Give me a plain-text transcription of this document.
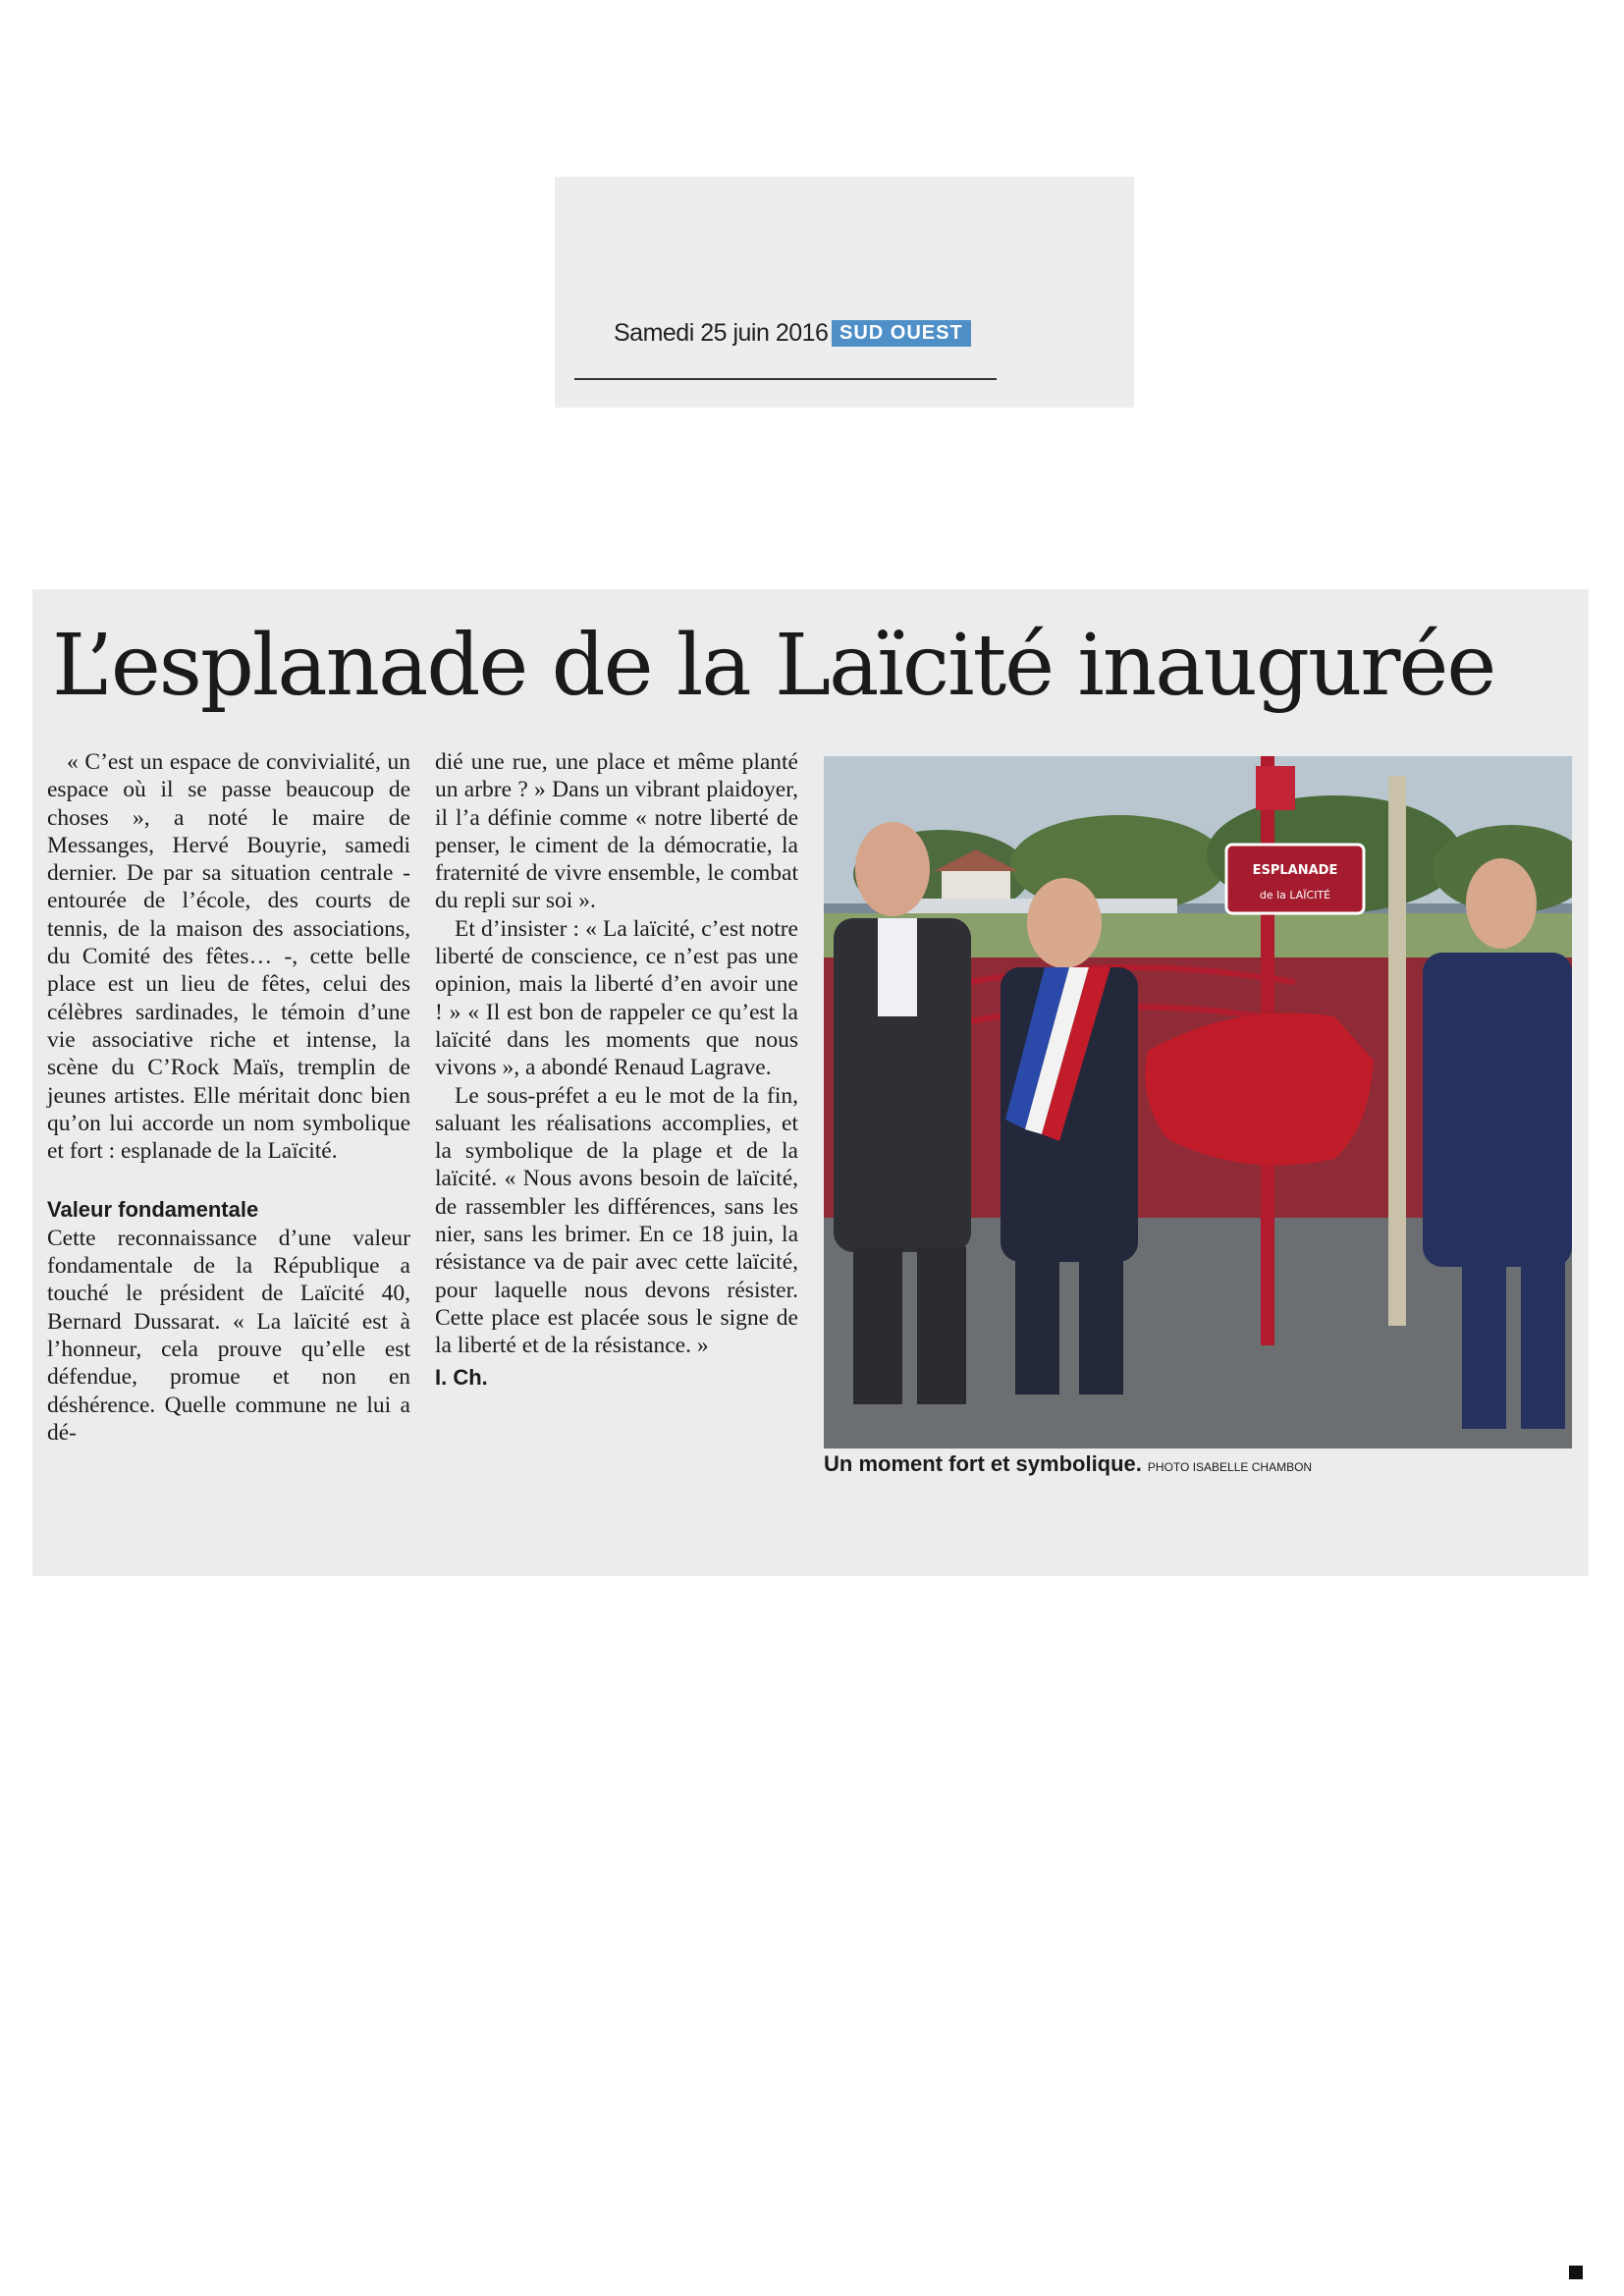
Samedi 25 juin 2016 SUD OUEST
L’esplanade de la Laïcité inaugurée

« C’est un espace de convivialité, un espace où il se passe beaucoup de choses », a noté le maire de Messanges, Hervé Bouyrie, samedi dernier. De par sa situation centrale - entourée de l’école, des courts de tennis, de la maison des associations, du Comité des fêtes… -, cette belle place est un lieu de fêtes, celui des célèbres sardinades, le témoin d’une vie associative riche et intense, la scène du C’Rock Maïs, tremplin de jeunes artistes. Elle méritait donc bien qu’on lui accorde un nom symbolique et fort : esplanade de la Laïcité.

Valeur fondamentale

Cette reconnaissance d’une valeur fondamentale de la République a touché le président de Laïcité 40, Bernard Dussarat. « La laïcité est à l’honneur, cela prouve qu’elle est défendue, promue et non en déshérence. Quelle commune ne lui a dé-

dié une rue, une place et même planté un arbre ? » Dans un vibrant plaidoyer, il l’a définie comme « notre liberté de penser, le ciment de la démocratie, la fraternité de vivre ensemble, le combat du repli sur soi ».

Et d’insister : « La laïcité, c’est notre liberté de conscience, ce n’est pas une opinion, mais la liberté d’en avoir une ! » « Il est bon de rappeler ce qu’est la laïcité dans les moments que nous vivons », a abondé Renaud Lagrave.

Le sous-préfet a eu le mot de la fin, saluant les réalisations accomplies, et la symbolique de la plage et de la laïcité. « Nous avons besoin de laïcité, de rassembler les différences, sans les nier, sans les brimer. En ce 18 juin, la résistance va de pair avec cette laïcité, pour laquelle nous devons résister. Cette place est placée sous le signe de la liberté et de la résistance. »

I. Ch.
ESPLANADE
de la LAÏCITÉ
Un moment fort et symbolique. PHOTO ISABELLE CHAMBON
